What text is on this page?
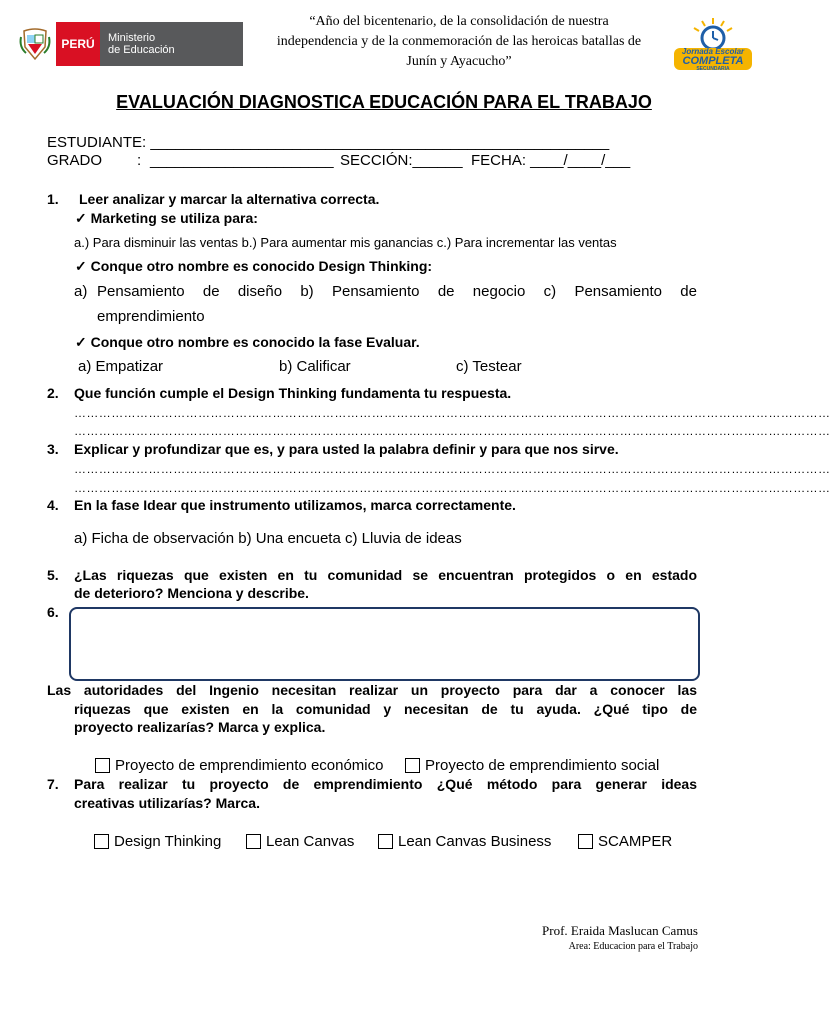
PERÚ	Ministerio
de Educación
“Año del bicentenario, de la consolidación de nuestra
independencia y de la conmemoración de las heroicas batallas de
Junín y Ayacucho”
Jornada Escolar
COMPLETA
SECUNDARIA
EVALUACIÓN DIAGNOSTICA EDUCACIÓN PARA EL TRABAJO
ESTUDIANTE: _______________________________________________________
GRADO : ______________________ SECCIÓN:______ FECHA: ____/____/___
1. Leer analizar y marcar la alternativa correcta.
✓ Marketing se utiliza para:
a.) Para disminuir las ventas b.) Para aumentar mis ganancias c.) Para incrementar las ventas
✓ Conque otro nombre es conocido Design Thinking:
a) Pensamiento de diseño b) Pensamiento de negocio c) Pensamiento de
emprendimiento
✓ Conque otro nombre es conocido la fase Evaluar.
a) Empatizar	b) Calificar	c) Testear
2. Que función cumple el Design Thinking fundamenta tu respuesta.
…………………………………………………………………………………………………………………………………………………………………
…………………………………………………………………………………………………………………………………………………………………
3. Explicar y profundizar que es, y para usted la palabra definir y para que nos sirve.
…………………………………………………………………………………………………………………………………………………………………
…………………………………………………………………………………………………………………………………………………………………
4. En la fase Idear que instrumento utilizamos, marca correctamente.
a) Ficha de observación b) Una encueta c) Lluvia de ideas
5. ¿Las riquezas que existen en tu comunidad se encuentran protegidos o en estado
de deterioro? Menciona y describe.
6.
Las autoridades del Ingenio necesitan realizar un proyecto para dar a conocer las
riquezas que existen en la comunidad y necesitan de tu ayuda. ¿Qué tipo de
proyecto realizarías? Marca y explica.
Proyecto de emprendimiento económico	Proyecto de emprendimiento social
7. Para realizar tu proyecto de emprendimiento ¿Qué método para generar ideas
creativas utilizarías? Marca.
Design Thinking	Lean Canvas	Lean Canvas Business	SCAMPER
Prof. Eraida Maslucan Camus
Area: Educacion para el Trabajo
